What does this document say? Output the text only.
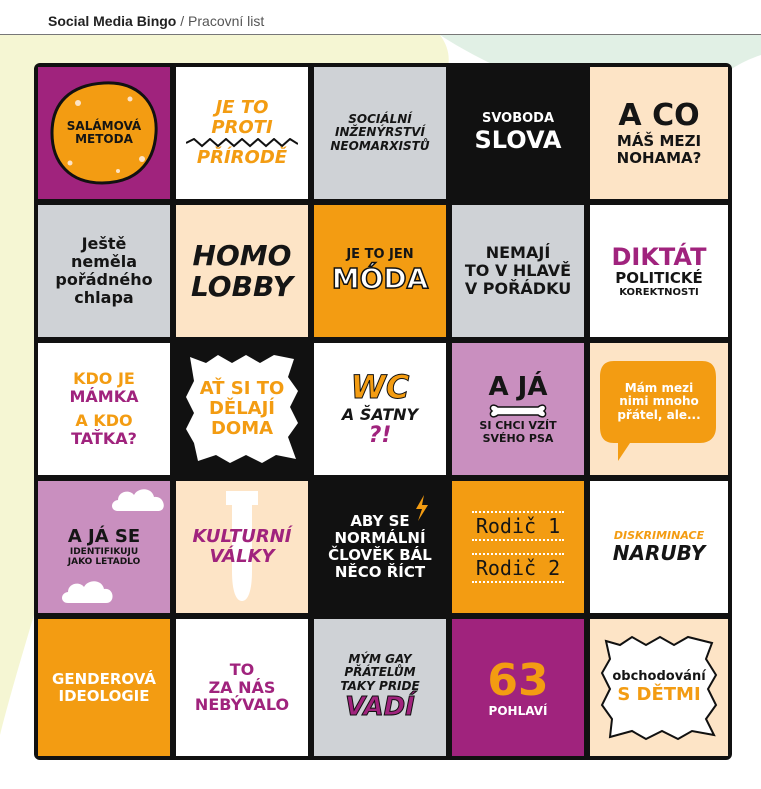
Social Media Bingo / Pracovní list
SALÁMOVÁ
METODA
JE TO
PROTI
PŘÍRODĚ
SOCIÁLNÍ
INŽENÝRSTVÍ
NEOMARXISTŮ
SVOBODA
SLOVA
A CO
MÁŠ MEZI
NOHAMA?
Ještě
neměla
pořádného
chlapa
HOMO
LOBBY
JE TO JEN
MÓDA
NEMAJÍ
TO V HLAVĚ
V POŘÁDKU
DIKTÁT
POLITICKÉ
KOREKTNOSTI
KDO JE
MÁMKA
A KDO
TAŤKA?
AŤ SI TO
DĚLAJÍ
DOMA
WC
A ŠATNY
?!
A JÁ
SI CHCI VZÍT
SVÉHO PSA
Mám mezi
nimi mnoho
přátel, ale...
A JÁ SE
IDENTIFIKUJU
JAKO LETADLO
KULTURNÍ
VÁLKY
ABY SE
NORMÁLNÍ
ČLOVĚK BÁL
NĚCO ŘÍCT
Rodič 1
Rodič 2
DISKRIMINACE
NARUBY
GENDEROVÁ
IDEOLOGIE
TO
ZA NÁS
NEBÝVALO
MÝM GAY
PŘÁTELŮM
TAKY PRIDE
VADÍ
63
POHLAVÍ
obchodování
S DĚTMI
